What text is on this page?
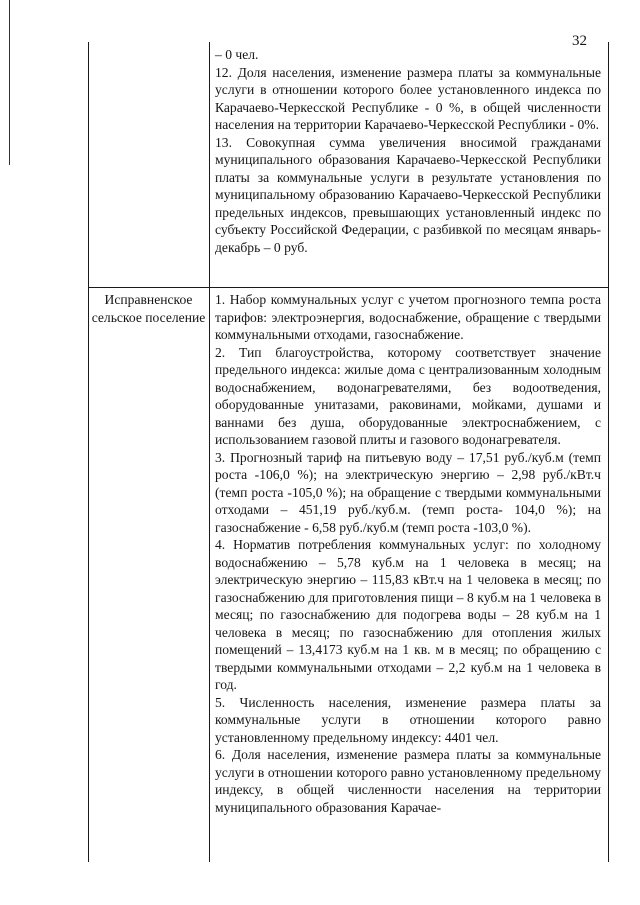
32

– 0 чел.

12. Доля населения, изменение размера платы за коммунальные услуги в отношении которого более установленного индекса по Карачаево-Черкесской Республике - 0 %, в общей численности населения на территории Карачаево-Черкесской Республики - 0%.

13. Совокупная сумма увеличения вносимой гражданами муниципального образования Карачаево-Черкесской Республики платы за коммунальные услуги в результате установления по муниципальному образованию Карачаево-Черкесской Республики предельных индексов, превышающих установленный индекс по субъекту Российской Федерации, с разбивкой по месяцам январь-декабрь – 0 руб.

Исправненское сельское поселение

1. Набор коммунальных услуг с учетом прогнозного темпа роста тарифов: электроэнергия, водоснабжение, обращение с твердыми коммунальными отходами, газоснабжение.

2. Тип благоустройства, которому соответствует значение предельного индекса: жилые дома с централизованным холодным водоснабжением, водонагревателями, без водоотведения, оборудованные унитазами, раковинами, мойками, душами и ваннами без душа, оборудованные электроснабжением, с использованием газовой плиты и газового водонагревателя.

3. Прогнозный тариф на питьевую воду – 17,51 руб./куб.м (темп роста -106,0 %); на электрическую энергию – 2,98 руб./кВт.ч (темп роста -105,0 %); на обращение с твердыми коммунальными отходами – 451,19 руб./куб.м. (темп роста- 104,0 %); на газоснабжение - 6,58 руб./куб.м (темп роста -103,0 %).

4. Норматив потребления коммунальных услуг: по холодному водоснабжению – 5,78 куб.м на 1 человека в месяц; на электрическую энергию – 115,83 кВт.ч на 1 человека в месяц; по газоснабжению для приготовления пищи – 8 куб.м на 1 человека в месяц; по газоснабжению для подогрева воды – 28 куб.м на 1 человека в месяц; по газоснабжению для отопления жилых помещений – 13,4173 куб.м на 1 кв. м в месяц; по обращению с твердыми коммунальными отходами – 2,2 куб.м на 1 человека в год.

5. Численность населения, изменение размера платы за коммунальные услуги в отношении которого равно установленному предельному индексу: 4401 чел.

6. Доля населения, изменение размера платы за коммунальные услуги в отношении которого равно установленному предельному индексу, в общей численности населения на территории муниципального образования Карачае-
